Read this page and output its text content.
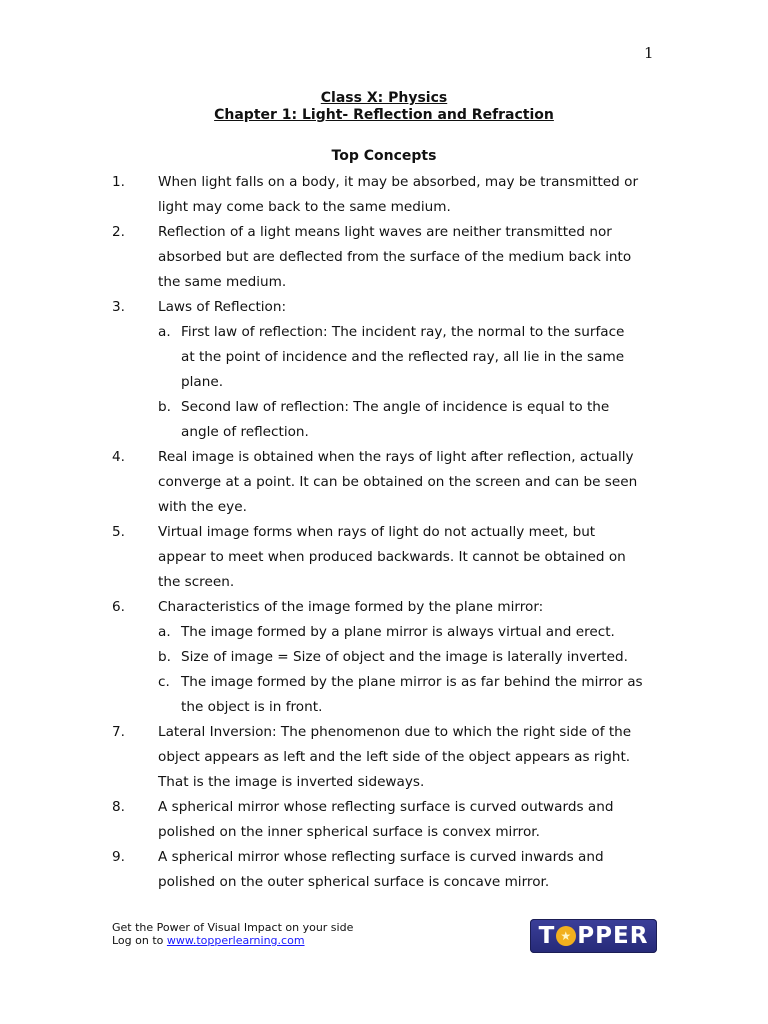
1
Class X: Physics
Chapter 1: Light- Reflection and Refraction
Top Concepts
1. When light falls on a body, it may be absorbed, may be transmitted or
light may come back to the same medium.
2. Reflection of a light means light waves are neither transmitted nor
absorbed but are deflected from the surface of the medium back into
the same medium.
3. Laws of Reflection:
a. First law of reflection: The incident ray, the normal to the surface
at the point of incidence and the reflected ray, all lie in the same
plane.
b. Second law of reflection: The angle of incidence is equal to the
angle of reflection.
4. Real image is obtained when the rays of light after reflection, actually
converge at a point. It can be obtained on the screen and can be seen
with the eye.
5. Virtual image forms when rays of light do not actually meet, but
appear to meet when produced backwards. It cannot be obtained on
the screen.
6. Characteristics of the image formed by the plane mirror:
a. The image formed by a plane mirror is always virtual and erect.
b. Size of image = Size of object and the image is laterally inverted.
c. The image formed by the plane mirror is as far behind the mirror as
the object is in front.
7. Lateral Inversion: The phenomenon due to which the right side of the
object appears as left and the left side of the object appears as right.
That is the image is inverted sideways.
8. A spherical mirror whose reflecting surface is curved outwards and
polished on the inner spherical surface is convex mirror.
9. A spherical mirror whose reflecting surface is curved inwards and
polished on the outer spherical surface is concave mirror.
Get the Power of Visual Impact on your side
Log on to www.topperlearning.com	T
★ PPER
